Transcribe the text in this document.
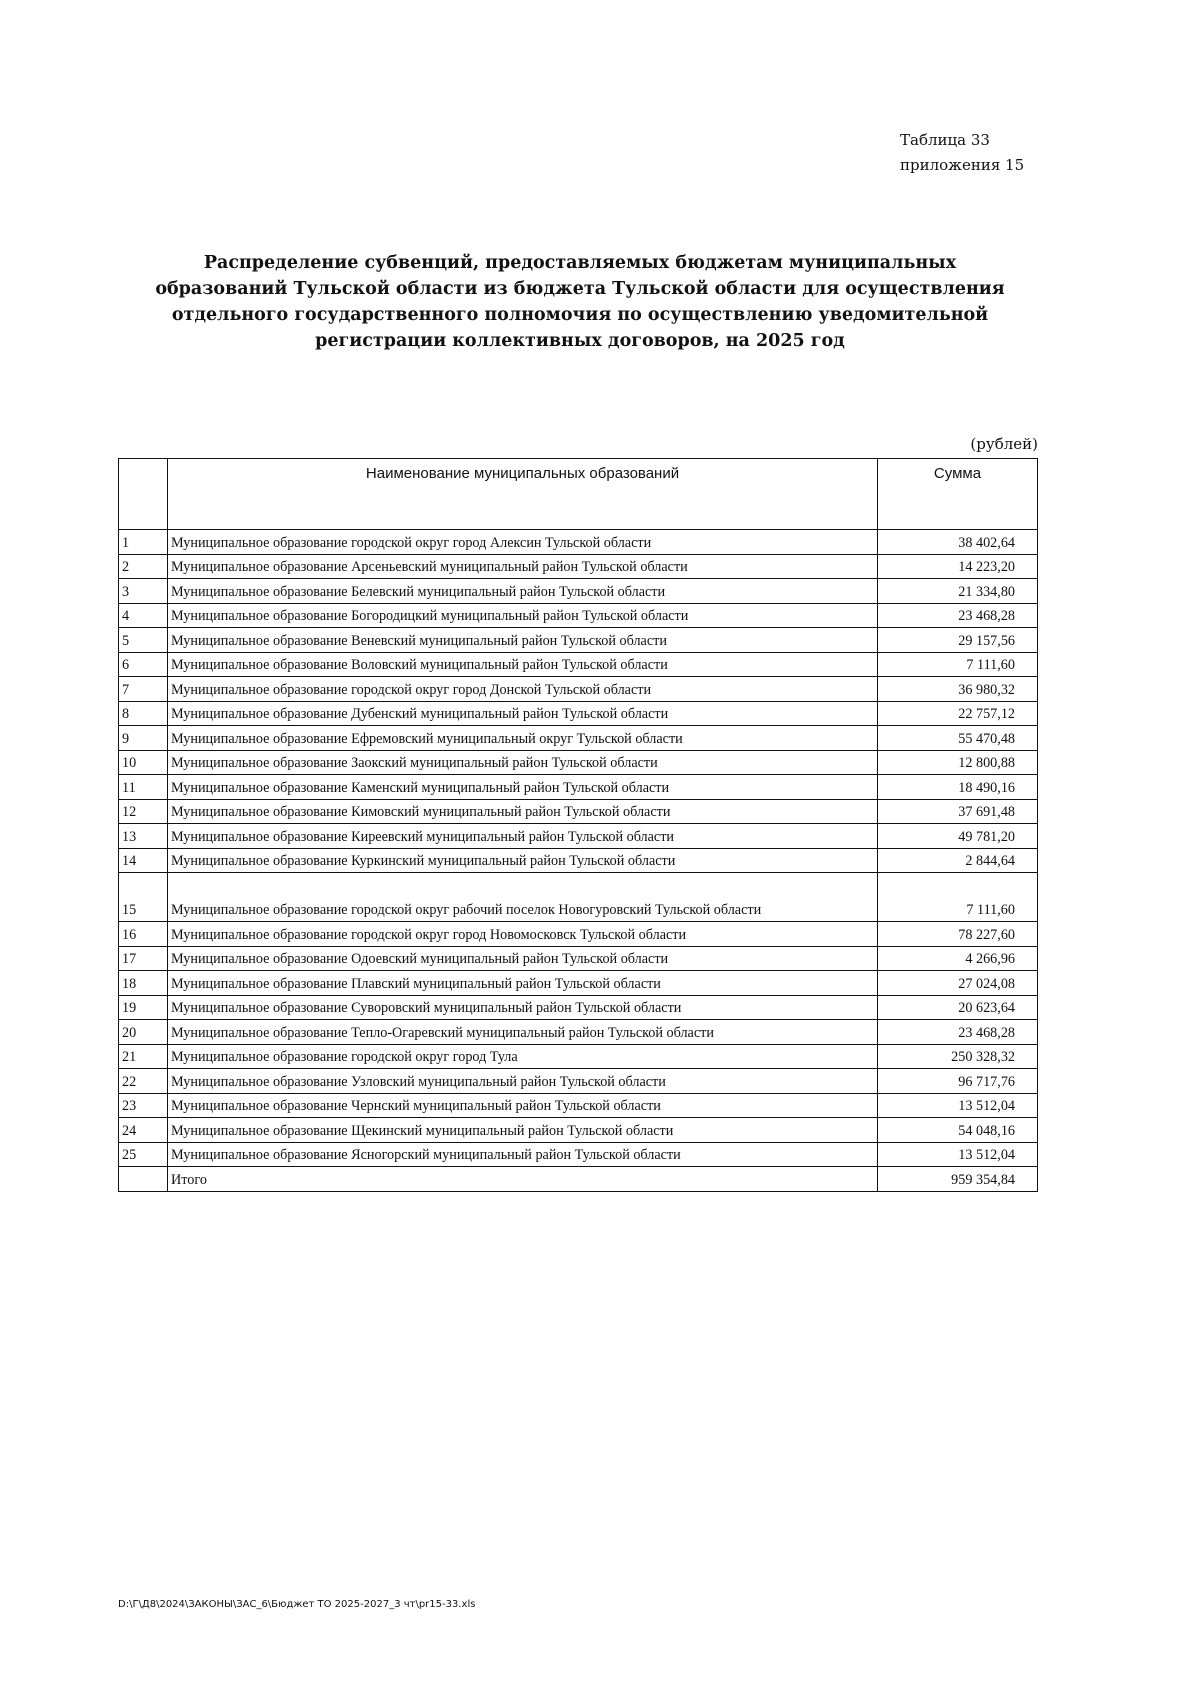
Таблица 33
приложения 15
Распределение субвенций, предоставляемых бюджетам муниципальных образований Тульской области из бюджета Тульской области для осуществления отдельного государственного полномочия по осуществлению уведомительной регистрации коллективных договоров, на 2025 год
(рублей)
	Наименование муниципальных образований	Сумма
1	Муниципальное образование городской округ город Алексин Тульской области	38 402,64
2	Муниципальное образование Арсеньевский муниципальный район Тульской области	14 223,20
3	Муниципальное образование Белевский муниципальный район Тульской области	21 334,80
4	Муниципальное образование Богородицкий муниципальный район Тульской области	23 468,28
5	Муниципальное образование Веневский муниципальный район Тульской области	29 157,56
6	Муниципальное образование Воловский муниципальный район Тульской области	7 111,60
7	Муниципальное образование городской округ город Донской Тульской области	36 980,32
8	Муниципальное образование Дубенский муниципальный район Тульской области	22 757,12
9	Муниципальное образование Ефремовский муниципальный округ Тульской области	55 470,48
10	Муниципальное образование Заокский муниципальный район Тульской области	12 800,88
11	Муниципальное образование Каменский муниципальный район Тульской области	18 490,16
12	Муниципальное образование Кимовский муниципальный район Тульской области	37 691,48
13	Муниципальное образование Киреевский муниципальный район Тульской области	49 781,20
14	Муниципальное образование Куркинский муниципальный район Тульской области	2 844,64
15	Муниципальное образование городской округ рабочий поселок Новогуровский Тульской области	7 111,60
16	Муниципальное образование городской округ город Новомосковск Тульской области	78 227,60
17	Муниципальное образование Одоевский муниципальный район Тульской области	4 266,96
18	Муниципальное образование Плавский муниципальный район Тульской области	27 024,08
19	Муниципальное образование Суворовский муниципальный район Тульской области	20 623,64
20	Муниципальное образование Тепло-Огаревский муниципальный район Тульской области	23 468,28
21	Муниципальное образование городской округ город Тула	250 328,32
22	Муниципальное образование Узловский муниципальный район Тульской области	96 717,76
23	Муниципальное образование Чернский муниципальный район Тульской области	13 512,04
24	Муниципальное образование Щекинский муниципальный район Тульской области	54 048,16
25	Муниципальное образование Ясногорский муниципальный район Тульской области	13 512,04
	Итого	959 354,84
D:\Г\Д8\2024\ЗАКОНЫ\ЗАС_6\Бюджет ТО 2025-2027_3 чт\pr15-33.xls
